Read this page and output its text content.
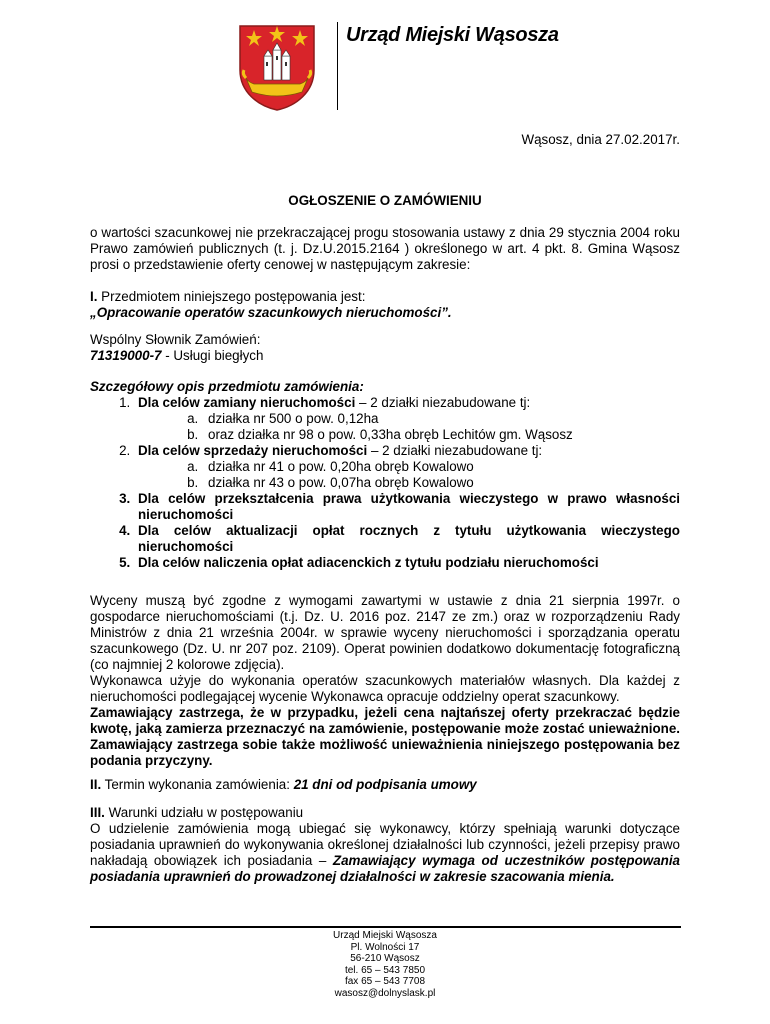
Urząd Miejski Wąsosza
Wąsosz, dnia 27.02.2017r.
OGŁOSZENIE O ZAMÓWIENIU

o wartości szacunkowej nie przekraczającej progu stosowania ustawy z dnia 29 stycznia 2004 roku Prawo zamówień publicznych (t. j. Dz.U.2015.2164 ) określonego w art. 4 pkt. 8. Gmina Wąsosz prosi o przedstawienie oferty cenowej w następującym zakresie:

I. Przedmiotem niniejszego postępowania jest:

„Opracowanie operatów szacunkowych nieruchomości”.

Wspólny Słownik Zamówień:

71319000-7 - Usługi biegłych

Szczegółowy opis przedmiotu zamówienia:

1. Dla celów zamiany nieruchomości – 2 działki niezabudowane tj:
a. działka nr 500 o pow. 0,12ha
b. oraz działka nr 98 o pow. 0,33ha obręb Lechitów gm. Wąsosz
2. Dla celów sprzedaży nieruchomości – 2 działki niezabudowane tj:
a. działka nr 41 o pow. 0,20ha obręb Kowalowo
b. działka nr 43 o pow. 0,07ha obręb Kowalowo
3. Dla celów przekształcenia prawa użytkowania wieczystego w prawo własności nieruchomości
4. Dla celów aktualizacji opłat rocznych z tytułu użytkowania wieczystego nieruchomości
5. Dla celów naliczenia opłat adiacenckich z tytułu podziału nieruchomości

Wyceny muszą być zgodne z wymogami zawartymi w ustawie z dnia 21 sierpnia 1997r. o gospodarce nieruchomościami (t.j. Dz. U. 2016 poz. 2147 ze zm.) oraz w rozporządzeniu Rady Ministrów z dnia 21 września 2004r. w sprawie wyceny nieruchomości i sporządzania operatu szacunkowego (Dz. U. nr 207 poz. 2109). Operat powinien dodatkowo dokumentację fotograficzną (co najmniej 2 kolorowe zdjęcia).

Wykonawca użyje do wykonania operatów szacunkowych materiałów własnych. Dla każdej z nieruchomości podlegającej wycenie Wykonawca opracuje oddzielny operat szacunkowy.

Zamawiający zastrzega, że w przypadku, jeżeli cena najtańszej oferty przekraczać będzie kwotę, jaką zamierza przeznaczyć na zamówienie, postępowanie może zostać unieważnione. Zamawiający zastrzega sobie także możliwość unieważnienia niniejszego postępowania bez podania przyczyny.

II. Termin wykonania zamówienia: 21 dni od podpisania umowy

III. Warunki udziału w postępowaniu

O udzielenie zamówienia mogą ubiegać się wykonawcy, którzy spełniają warunki dotyczące posiadania uprawnień do wykonywania określonej działalności lub czynności, jeżeli przepisy prawo nakładają obowiązek ich posiadania – Zamawiający wymaga od uczestników postępowania posiadania uprawnień do prowadzonej działalności w zakresie szacowania mienia.

Urząd Miejski Wąsosza
Pl. Wolności 17
56-210 Wąsosz
tel. 65 – 543 7850
fax 65 – 543 7708
wasosz@dolnyslask.pl
